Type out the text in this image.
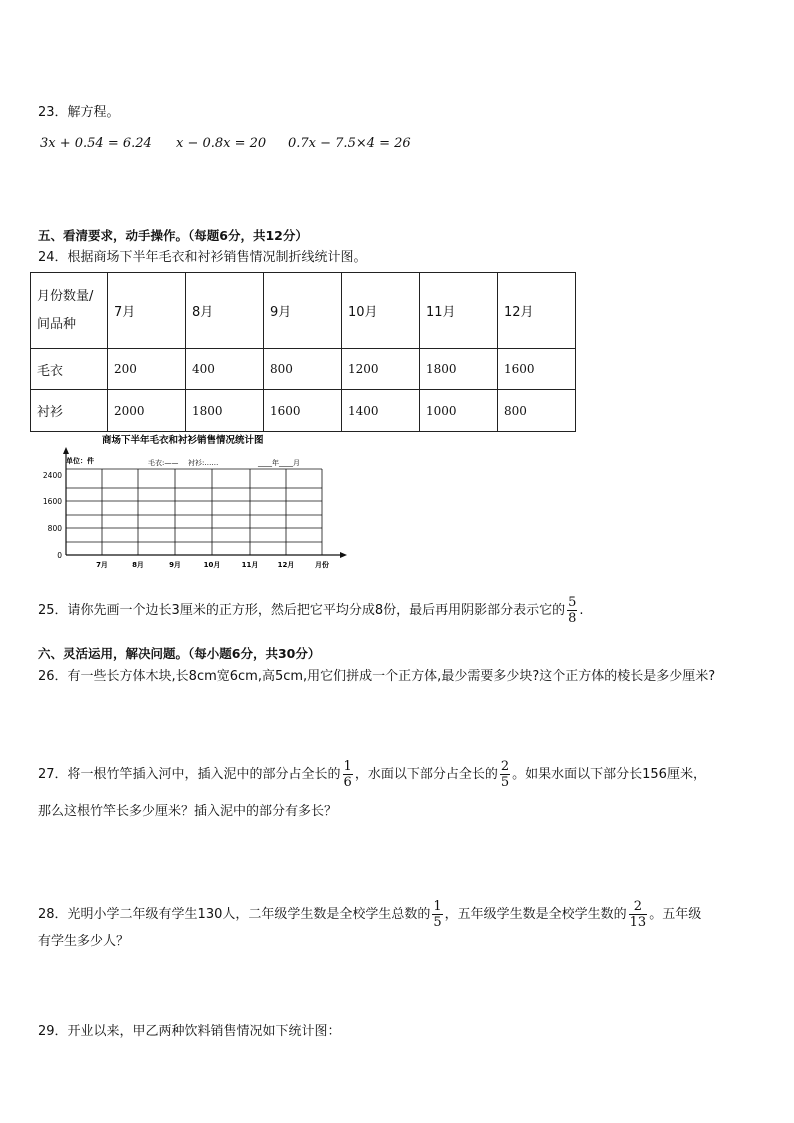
23．解方程。
3x + 0.54 = 6.24 x − 0.8x = 20 0.7x − 7.5×4 = 26
五、看清要求，动手操作。（每题6分，共12分）
24．根据商场下半年毛衣和衬衫销售情况制折线统计图。
月份数量/
间品种	7月	8月	9月	10月	11月	12月
毛衣	200	400	800	1200	1800	1600
衬衫	2000	1800	1600	1400	1000	800
商场下半年毛衣和衬衫销售情况统计图
单位：件	毛衣:—— 衬衫:……	____年____月
2400
1600
800
0
7月	8月	9月	10月	11月	12月	月份
25．请你先画一个边长3厘米的正方形，然后把它平均分成8份，最后再用阴影部分表示它的 $\frac{5}{8}$ .
六、灵活运用，解决问题。（每小题6分，共30分）
26．有一些长方体木块,长8cm宽6cm,高5cm,用它们拼成一个正方体,最少需要多少块?这个正方体的棱长是多少厘米?
27．将一根竹竿插入河中，插入泥中的部分占全长的 $\frac{1}{6}$ ，水面以下部分占全长的 $\frac{2}{5}$ 。如果水面以下部分长156厘米，
那么这根竹竿长多少厘米？插入泥中的部分有多长？
28．光明小学二年级有学生130人，二年级学生数是全校学生总数的 $\frac{1}{5}$ ，五年级学生数是全校学生数的 $\frac{2}{13}$ 。五年级
有学生多少人？
29．开业以来，甲乙两种饮料销售情况如下统计图：
